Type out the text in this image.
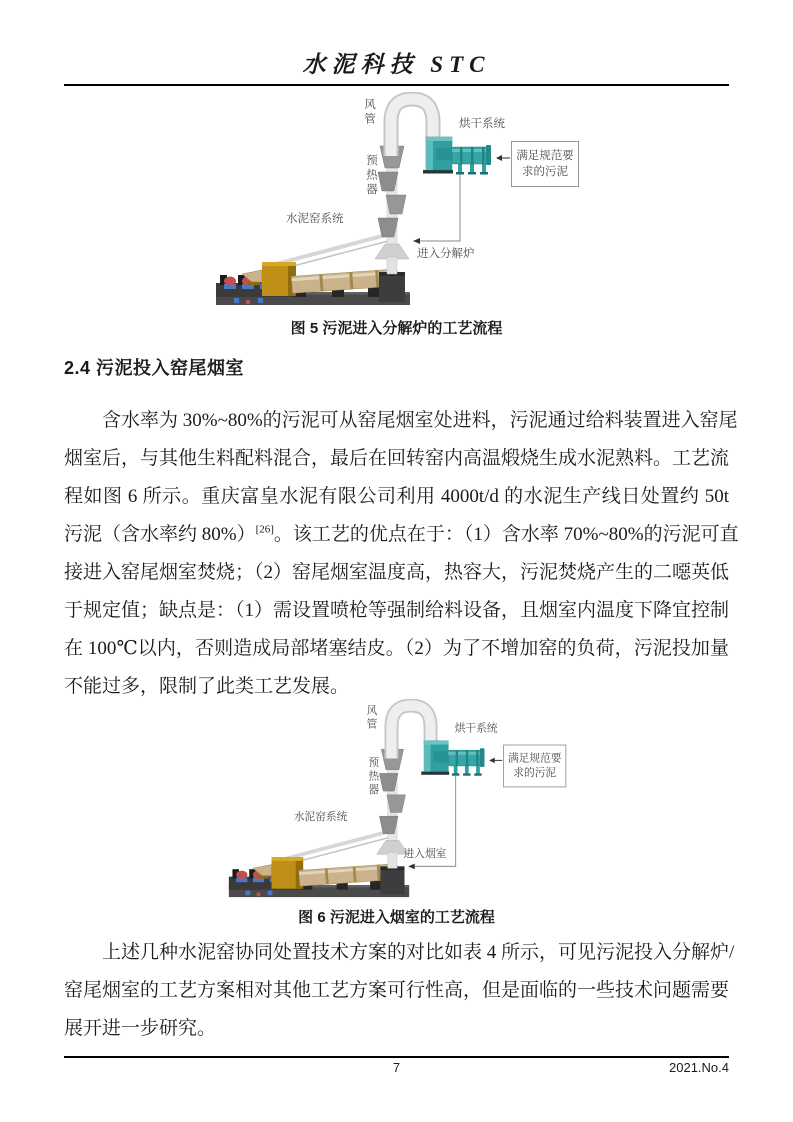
水泥科技 STC
风管
预热器
水泥窑系统
烘干系统
满足规范要求的污泥
进入分解炉
图 5 污泥进入分解炉的工艺流程
2.4 污泥投入窑尾烟室
含水率为 30%~80%的污泥可从窑尾烟室处进料，污泥通过给料装置进入窑尾
烟室后，与其他生料配料混合，最后在回转窑内高温煅烧生成水泥熟料。工艺流
程如图 6 所示。重庆富皇水泥有限公司利用 4000t/d 的水泥生产线日处置约 50t
污泥（含水率约 80%）[26]。该工艺的优点在于：（1）含水率 70%~80%的污泥可直
接进入窑尾烟室焚烧；（2）窑尾烟室温度高，热容大，污泥焚烧产生的二噁英低
于规定值；缺点是：（1）需设置喷枪等强制给料设备，且烟室内温度下降宜控制
在 100℃以内，否则造成局部堵塞结皮。（2）为了不增加窑的负荷，污泥投加量
不能过多，限制了此类工艺发展。
风管
预热器
水泥窑系统
烘干系统
满足规范要求的污泥
进入烟室
图 6 污泥进入烟室的工艺流程
上述几种水泥窑协同处置技术方案的对比如表 4 所示，可见污泥投入分解炉/
窑尾烟室的工艺方案相对其他工艺方案可行性高，但是面临的一些技术问题需要
展开进一步研究。
7	2021.No.4
